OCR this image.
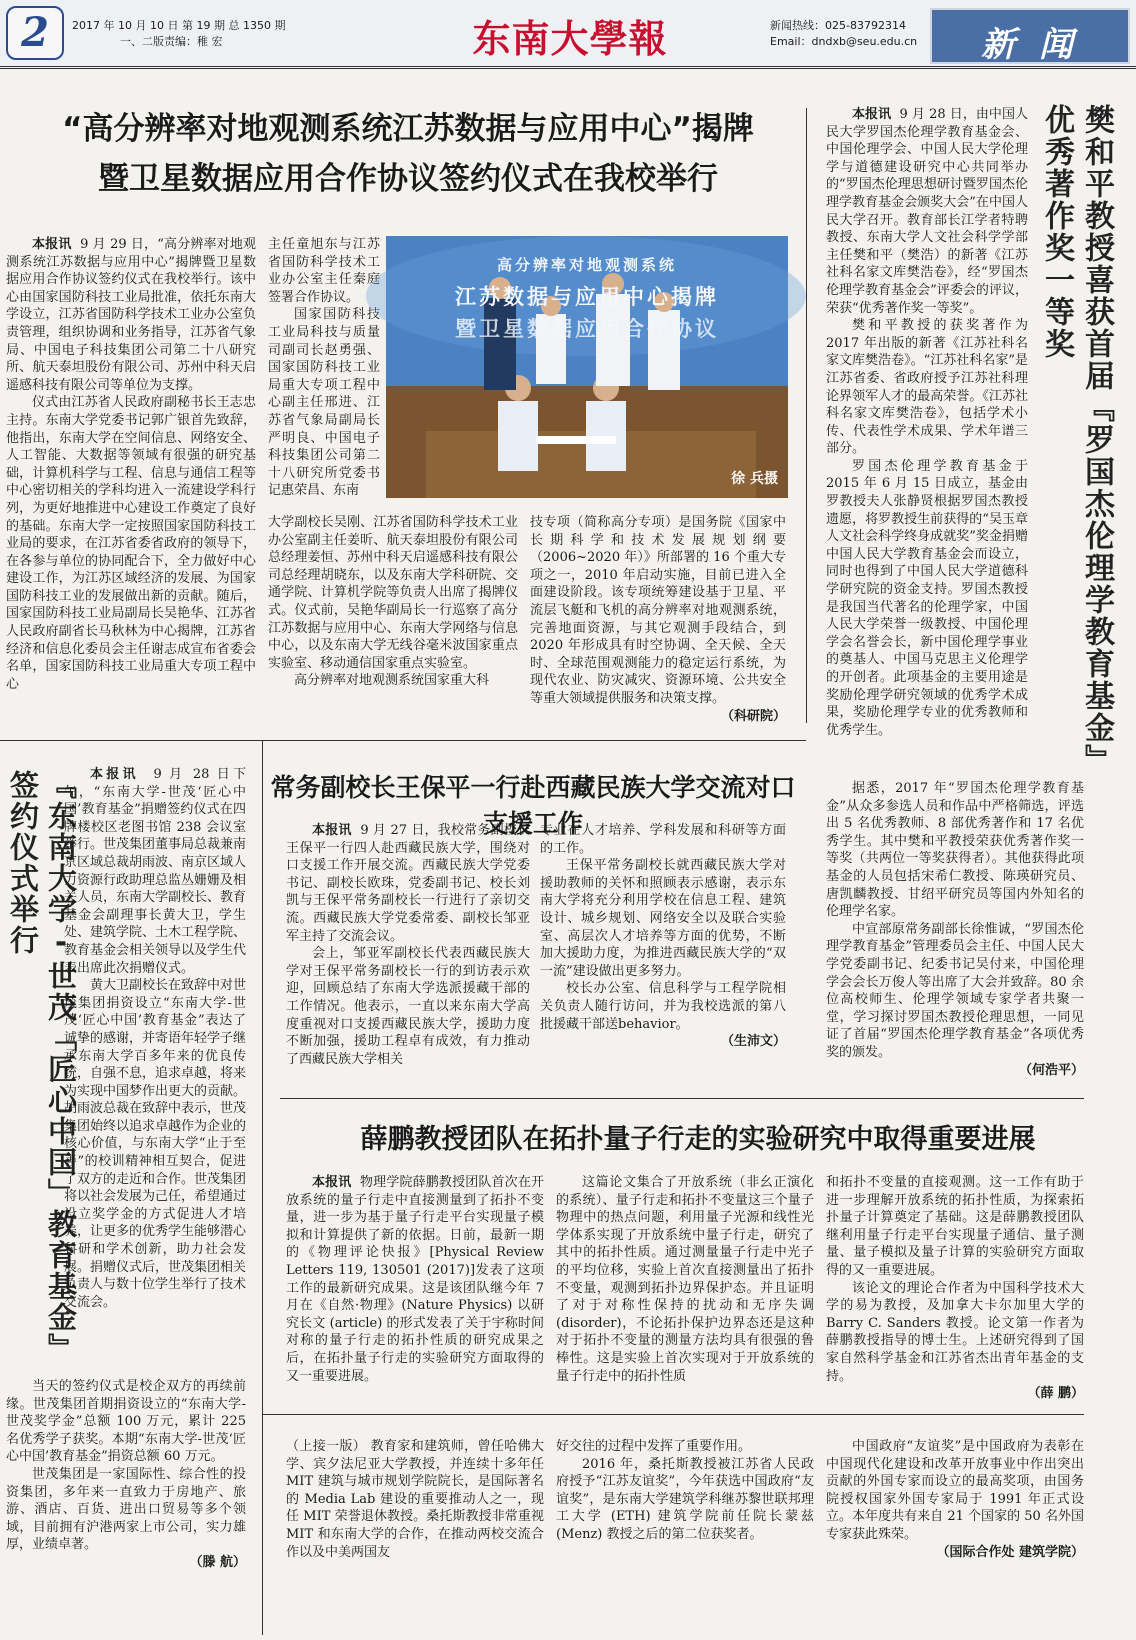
2	2017 年 10 月 10 日 第 19 期 总 1350 期
一、二版责编：稚 宏	东南大學報	新闻热线：025-83792314
Email：dndxb@seu.edu.cn	新 闻
“高分辨率对地观测系统江苏数据与应用中心”揭牌
暨卫星数据应用合作协议签约仪式在我校举行

本报讯 9 月 29 日，“高分辨率对地观测系统江苏数据与应用中心”揭牌暨卫星数据应用合作协议签约仪式在我校举行。该中心由国家国防科技工业局批准，依托东南大学设立，江苏省国防科学技术工业办公室负责管理，组织协调和业务指导，江苏省气象局、中国电子科技集团公司第二十八研究所、航天泰坦股份有限公司、苏州中科天启遥感科技有限公司等单位为支撑。

仪式由江苏省人民政府副秘书长王志忠主持。东南大学党委书记郭广银首先致辞，他指出，东南大学在空间信息、网络安全、人工智能、大数据等领域有很强的研究基础，计算机科学与工程、信息与通信工程等中心密切相关的学科均进入一流建设学科行列，为更好地推进中心建设工作奠定了良好的基础。东南大学一定按照国家国防科技工业局的要求，在江苏省委省政府的领导下，在各参与单位的协同配合下，全力做好中心建设工作，为江苏区域经济的发展、为国家国防科技工业的发展做出新的贡献。随后，国家国防科技工业局副局长吴艳华、江苏省人民政府副省长马秋林为中心揭牌，江苏省经济和信息化委员会主任谢志成宣布省委会名单，国家国防科技工业局重大专项工程中心

主任童旭东与江苏省国防科学技术工业办公室主任秦庭签署合作协议。

国家国防科技工业局科技与质量司副司长赵勇强、国家国防科技工业局重大专项工程中心副主任邢进、江苏省气象局副局长严明良、中国电子科技集团公司第二十八研究所党委书记惠荣昌、东南

高分辨率对地观测系统
江苏数据与应用中心揭牌
暨卫星数据应用合作协议
徐 兵摄

大学副校长吴刚、江苏省国防科学技术工业办公室副主任姜昕、航天泰坦股份有限公司总经理姜恒、苏州中科天启遥感科技有限公司总经理胡晓东，以及东南大学科研院、交通学院、计算机学院等负责人出席了揭牌仪式。仪式前，吴艳华副局长一行巡察了高分江苏数据与应用中心、东南大学网络与信息中心，以及东南大学无线谷毫米波国家重点实验室、移动通信国家重点实验室。

高分辨率对地观测系统国家重大科

技专项（简称高分专项）是国务院《国家中长期科学和技术发展规划纲要（2006~2020 年）》所部署的 16 个重大专项之一，2010 年启动实施，目前已进入全面建设阶段。该专项统筹建设基于卫星、平流层飞艇和飞机的高分辨率对地观测系统，完善地面资源，与其它观测手段结合，到 2020 年形成具有时空协调、全天候、全天时、全球范围观测能力的稳定运行系统，为现代农业、防灾减灾、资源环境、公共安全等重大领域提供服务和决策支撑。

（科研院）	樊和平教授喜获首届『罗国杰伦理学教育基金』优秀著作奖一等奖

本报讯 9 月 28 日，由中国人民大学罗国杰伦理学教育基金会、中国伦理学会、中国人民大学伦理学与道德建设研究中心共同举办的“罗国杰伦理思想研讨暨罗国杰伦理学教育基金会颁奖大会”在中国人民大学召开。教育部长江学者特聘教授、东南大学人文社会科学学部主任樊和平（樊浩）的新著《江苏社科名家文库樊浩卷》，经“罗国杰伦理学教育基金会”评委会的评议，荣获“优秀著作奖一等奖”。

樊和平教授的获奖著作为 2017 年出版的新著《江苏社科名家文库樊浩卷》。“江苏社科名家”是江苏省委、省政府授予江苏社科理论界领军人才的最高荣誉。《江苏社科名家文库樊浩卷》，包括学术小传、代表性学术成果、学术年谱三部分。

罗国杰伦理学教育基金于 2015 年 6 月 15 日成立，基金由罗教授夫人张静贤根据罗国杰教授遗愿，将罗教授生前获得的“吴玉章人文社会科学终身成就奖”奖金捐赠中国人民大学教育基金会而设立，同时也得到了中国人民大学道德科学研究院的资金支持。罗国杰教授是我国当代著名的伦理学家，中国人民大学荣誉一级教授、中国伦理学会名誉会长，新中国伦理学事业的奠基人、中国马克思主义伦理学的开创者。此项基金的主要用途是奖励伦理学研究领域的优秀学术成果，奖励伦理学专业的优秀教师和优秀学生。

据悉，2017 年“罗国杰伦理学教育基金”从众多参选人员和作品中严格筛选，评选出 5 名优秀教师、8 部优秀著作和 17 名优秀学生。其中樊和平教授荣获优秀著作奖一等奖（共两位一等奖获得者）。其他获得此项基金的人员包括宋希仁教授、陈瑛研究员、唐凯麟教授、甘绍平研究员等国内外知名的伦理学名家。

中宣部原常务副部长徐惟诚，“罗国杰伦理学教育基金”管理委员会主任、中国人民大学党委副书记、纪委书记吴付来，中国伦理学会会长万俊人等出席了大会并致辞。80 余位高校师生、伦理学领域专家学者共聚一堂，学习探讨罗国杰教授伦理思想，一同见证了首届“罗国杰伦理学教育基金”各项优秀奖的颁发。

（何浩平）
『东南大学-世茂「匠心中国」教育基金』签约仪式举行	本报讯 9 月 28 日下午，“东南大学-世茂‘匠心中国’教育基金”捐赠签约仪式在四牌楼校区老图书馆 238 会议室举行。世茂集团董事局总裁兼南京区域总裁胡雨波、南京区域人力资源行政助理总监丛姗姗及相关人员，东南大学副校长、教育基金会副理事长黄大卫，学生处、建筑学院、土木工程学院、教育基金会相关领导以及学生代表出席此次捐赠仪式。

黄大卫副校长在致辞中对世茂集团捐资设立“东南大学-世茂‘匠心中国’教育基金”表达了诚挚的感谢，并寄语年轻学子继承东南大学百多年来的优良传统，自强不息，追求卓越，将来为实现中国梦作出更大的贡献。胡雨波总裁在致辞中表示，世茂集团始终以追求卓越作为企业的核心价值，与东南大学“止于至善”的校训精神相互契合，促进了双方的走近和合作。世茂集团将以社会发展为己任，希望通过设立奖学金的方式促进人才培养，让更多的优秀学生能够潜心科研和学术创新，助力社会发展。捐赠仪式后，世茂集团相关负责人与数十位学生举行了技术交流会。

当天的签约仪式是校企双方的再续前缘。世茂集团首期捐资设立的“东南大学-世茂奖学金”总额 100 万元，累计 225 名优秀学子获奖。本期“东南大学-世茂‘匠心中国’教育基金”捐资总额 60 万元。

世茂集团是一家国际性、综合性的投资集团，多年来一直致力于房地产、旅游、酒店、百货、进出口贸易等多个领域，目前拥有沪港两家上市公司，实力雄厚，业绩卓著。

（滕 航）
常务副校长王保平一行赴西藏民族大学交流对口支援工作

本报讯 9 月 27 日，我校常务副校长王保平一行四人赴西藏民族大学，围绕对口支援工作开展交流。西藏民族大学党委书记、副校长欧珠，党委副书记、校长刘凯与王保平常务副校长一行进行了亲切交流。西藏民族大学党委常委、副校长邹亚军主持了交流会议。

会上，邹亚军副校长代表西藏民族大学对王保平常务副校长一行的到访表示欢迎，回顾总结了东南大学选派援藏干部的工作情况。他表示，一直以来东南大学高度重视对口支援西藏民族大学，援助力度不断加强，援助工程卓有成效，有力推动了西藏民族大学相关

专业在人才培养、学科发展和科研等方面的工作。

王保平常务副校长就西藏民族大学对援助教师的关怀和照顾表示感谢，表示东南大学将充分利用学校在信息工程、建筑设计、城乡规划、网络安全以及联合实验室、高层次人才培养等方面的优势，不断加大援助力度，为推进西藏民族大学的“双一流”建设做出更多努力。

校长办公室、信息科学与工程学院相关负责人随行访问，并为我校选派的第八批援藏干部送behavior。

（生沛文）
薛鹏教授团队在拓扑量子行走的实验研究中取得重要进展

本报讯 物理学院薛鹏教授团队首次在开放系统的量子行走中直接测量到了拓扑不变量，进一步为基于量子行走平台实现量子模拟和计算提供了新的依据。日前，最新一期的《物理评论快报》[Physical Review Letters 119, 130501 (2017)]发表了这项工作的最新研究成果。这是该团队继今年 7 月在《自然·物理》(Nature Physics) 以研究长文 (article) 的形式发表了关于宇称时间对称的量子行走的拓扑性质的研究成果之后，在拓扑量子行走的实验研究方面取得的又一重要进展。

这篇论文集合了开放系统（非幺正演化的系统）、量子行走和拓扑不变量这三个量子物理中的热点问题，利用量子光源和线性光学体系实现了开放系统中量子行走，研究了其中的拓扑性质。通过测量量子行走中光子的平均位移，实验上首次直接测量出了拓扑不变量，观测到拓扑边界保护态。并且证明了对于对称性保持的扰动和无序失调 (disorder)，不论拓扑保护边界态还是这种对于拓扑不变量的测量方法均具有很强的鲁棒性。这是实验上首次实现对于开放系统的量子行走中的拓扑性质

和拓扑不变量的直接观测。这一工作有助于进一步理解开放系统的拓扑性质，为探索拓扑量子计算奠定了基础。这是薛鹏教授团队继利用量子行走平台实现量子通信、量子测量、量子模拟及量子计算的实验研究方面取得的又一重要进展。

该论文的理论合作者为中国科学技术大学的易为教授，及加拿大卡尔加里大学的 Barry C. Sanders 教授。论文第一作者为薛鹏教授指导的博士生。上述研究得到了国家自然科学基金和江苏省杰出青年基金的支持。

（薛 鹏）

（上接一版） 教育家和建筑师，曾任哈佛大学、宾夕法尼亚大学教授，并连续十多年任 MIT 建筑与城市规划学院院长，是国际著名的 Media Lab 建设的重要推动人之一，现任 MIT 荣誉退休教授。桑托斯教授非常重视 MIT 和东南大学的合作，在推动两校交流合作以及中美两国友

好交往的过程中发挥了重要作用。

2016 年，桑托斯教授被江苏省人民政府授予“江苏友谊奖”，今年获选中国政府“友谊奖”，是东南大学建筑学科继苏黎世联邦理工大学 (ETH) 建筑学院前任院长蒙兹 (Menz) 教授之后的第二位获奖者。

中国政府“友谊奖”是中国政府为表彰在中国现代化建设和改革开放事业中作出突出贡献的外国专家而设立的最高奖项，由国务院授权国家外国专家局于 1991 年正式设立。本年度共有来自 21 个国家的 50 名外国专家获此殊荣。

（国际合作处 建筑学院）
